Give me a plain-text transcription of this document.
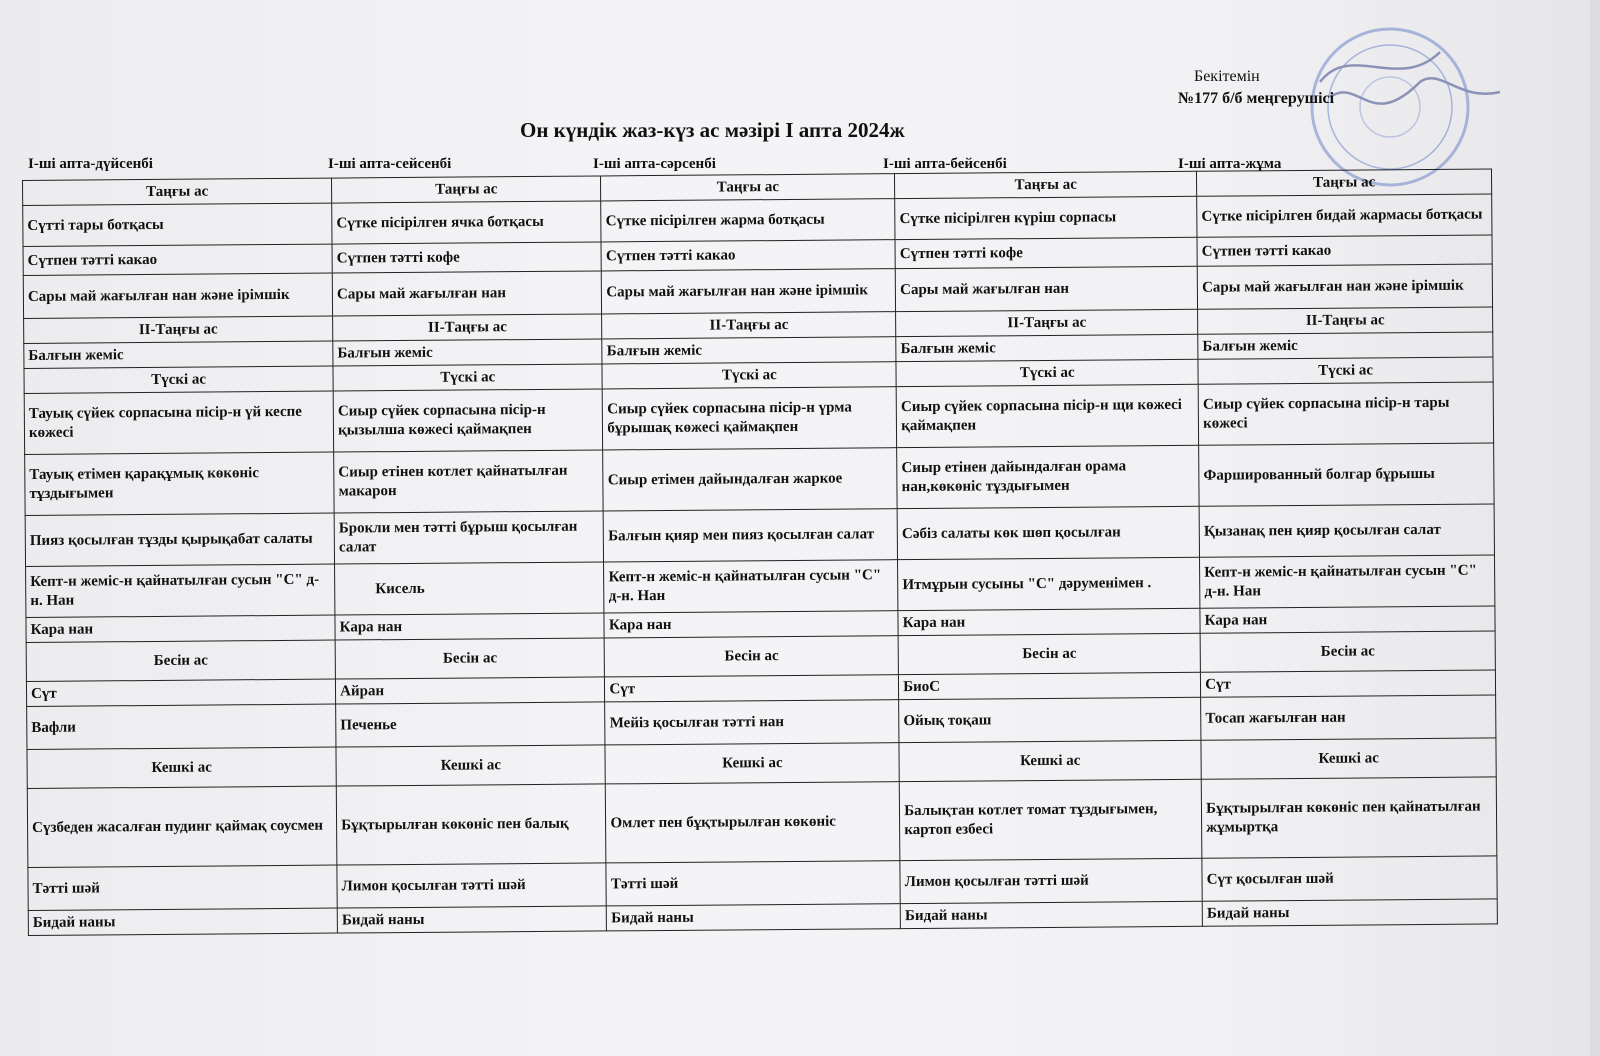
Бекітемін
№177 б/б меңгерушісі
Он күндік жаз-күз ас мәзірі I апта 2024ж
І-ші апта-дүйсенбі	І-ші апта-сейсенбі	І-ші апта-сәрсенбі	І-ші апта-бейсенбі	І-ші апта-жұма
Таңғы ас	Таңғы ас	Таңғы ас	Таңғы ас	Таңғы ас
Сүтті тары ботқасы	Сүтке пісірілген ячка ботқасы	Сүтке пісірілген жарма ботқасы	Сүтке пісірілген күріш сорпасы	Сүтке пісірілген бидай жармасы ботқасы
Сүтпен тәтті какао	Сүтпен тәтті кофе	Сүтпен тәтті какао	Сүтпен тәтті кофе	Сүтпен тәтті какао
Сары май жағылған нан және ірімшік	Сары май жағылған нан	Сары май жағылған нан және ірімшік	Сары май жағылған нан	Сары май жағылған нан және ірімшік
ІІ-Таңғы ас	ІІ-Таңғы ас	ІІ-Таңғы ас	ІІ-Таңғы ас	ІІ-Таңғы ас
Балғын жеміс	Балғын жеміс	Балғын жеміс	Балғын жеміс	Балғын жеміс
Түскі ас	Түскі ас	Түскі ас	Түскі ас	Түскі ас
Тауық сүйек сорпасына пісір-н үй кеспе көжесі	Сиыр сүйек сорпасына пісір-н қызылша көжесі қаймақпен	Сиыр сүйек сорпасына пісір-н үрма бұрышақ көжесі қаймақпен	Сиыр сүйек сорпасына пісір-н щи көжесі қаймақпен	Сиыр сүйек сорпасына пісір-н тары көжесі
Тауық етімен қарақұмық көкөніс тұздығымен	Сиыр етінен котлет қайнатылған макарон	Сиыр етімен дайындалған жаркое	Сиыр етінен дайындалған орама нан,көкөніс тұздығымен	Фаршированный болгар бұрышы
Пияз қосылған тұзды қырықабат салаты	Брокли мен тәтті бұрыш қосылған салат	Балғын қияр мен пияз қосылған салат	Сәбіз салаты көк шөп қосылған	Қызанақ пен қияр қосылған салат
Кепт-н жеміс-н қайнатылған сусын "С" д-н. Нан	Кисель	Кепт-н жеміс-н қайнатылған сусын "С" д-н. Нан	Итмұрын сусыны "С" дәруменімен .	Кепт-н жеміс-н қайнатылған сусын "С" д-н. Нан
Кара нан	Кара нан	Кара нан	Кара нан	Кара нан
Бесін ас	Бесін ас	Бесін ас	Бесін ас	Бесін ас
Сүт	Айран	Сүт	БиоС	Сүт
Вафли	Печенье	Мейіз қосылған тәтті нан	Ойық тоқаш	Тосап жағылған нан
Кешкі ас	Кешкі ас	Кешкі ас	Кешкі ас	Кешкі ас
Сүзбеден жасалған пудинг қаймақ соусмен	Бұқтырылған көкөніс пен балық	Омлет пен бұқтырылған көкөніс	Балықтан котлет томат тұздығымен, картоп езбесі	Бұқтырылған көкөніс пен қайнатылған жұмыртқа
Тәтті шәй	Лимон қосылған тәтті шәй	Тәтті шәй	Лимон қосылған тәтті шәй	Сүт қосылған шәй
Бидай наны	Бидай наны	Бидай наны	Бидай наны	Бидай наны
